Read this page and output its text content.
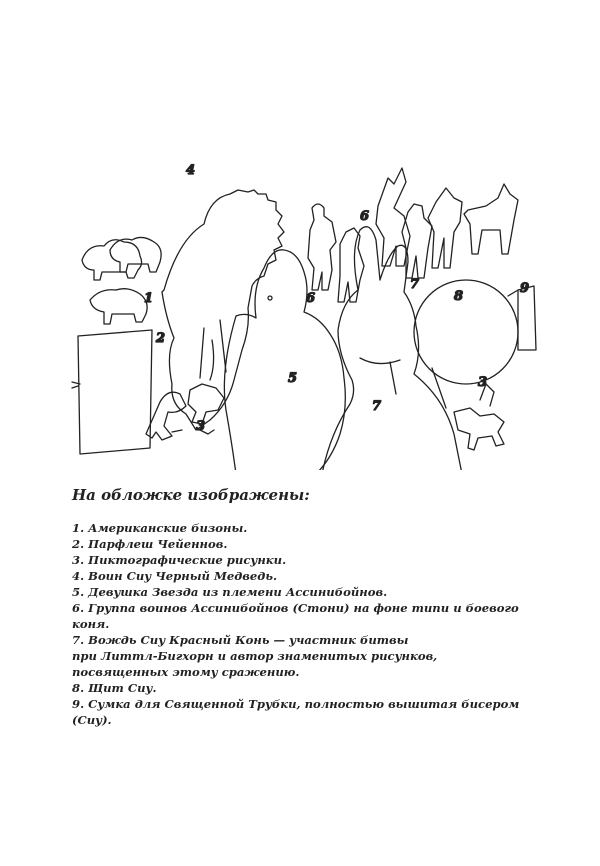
1
2
3
3
4
5
6
6
7
7
8
9
На обложке изображены:
1. Американские бизоны.
2. Парфлеш Чейеннов.
3. Пиктографические рисунки.
4. Воин Сиу Черный Медведь.
5. Девушка Звезда из племени Ассинибойнов.
6. Группа воинов Ассинибойнов (Стони) на фоне типи и боевого коня.
7. Вождь Сиу Красный Конь — участник битвы
при Литтл-Бигхорн и автор знаменитых рисунков,
посвященных этому сражению.
8. Щит Сиу.
9. Сумка для Священной Трубки, полностью вышитая бисером (Сиу).
